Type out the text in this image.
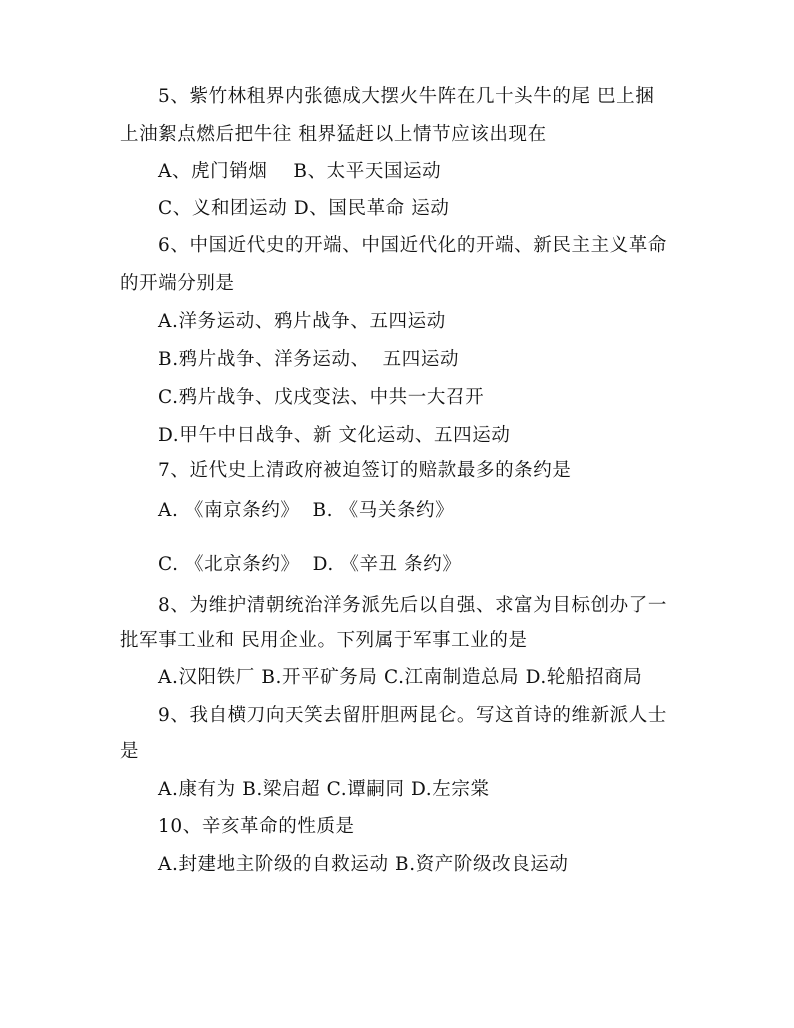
5、紫竹林租界内张德成大摆火牛阵在几十头牛的尾 巴上捆
上油絮点燃后把牛往 租界猛赶以上情节应该出现在
A、虎门销烟    B、太平天国运动
C、义和团运动 D、国民革命 运动
6、中国近代史的开端、中国近代化的开端、新民主主义革命
的开端分别是
A.洋务运动、鸦片战争、五四运动
B.鸦片战争、洋务运动、  五四运动
C.鸦片战争、戊戌变法、中共一大召开
D.甲午中日战争、新 文化运动、五四运动
7、近代史上清政府被迫签订的赔款最多的条约是
A. 《南京条约》  B. 《马关条约》
C. 《北京条约》  D. 《辛丑 条约》
8、为维护清朝统治洋务派先后以自强、求富为目标创办了一
批军事工业和 民用企业。下列属于军事工业的是
A.汉阳铁厂 B.开平矿务局 C.江南制造总局 D.轮船招商局
9、我自横刀向天笑去留肝胆两昆仑。写这首诗的维新派人士
是
A.康有为 B.梁启超 C.谭嗣同 D.左宗棠
10、辛亥革命的性质是
A.封建地主阶级的自救运动 B.资产阶级改良运动
